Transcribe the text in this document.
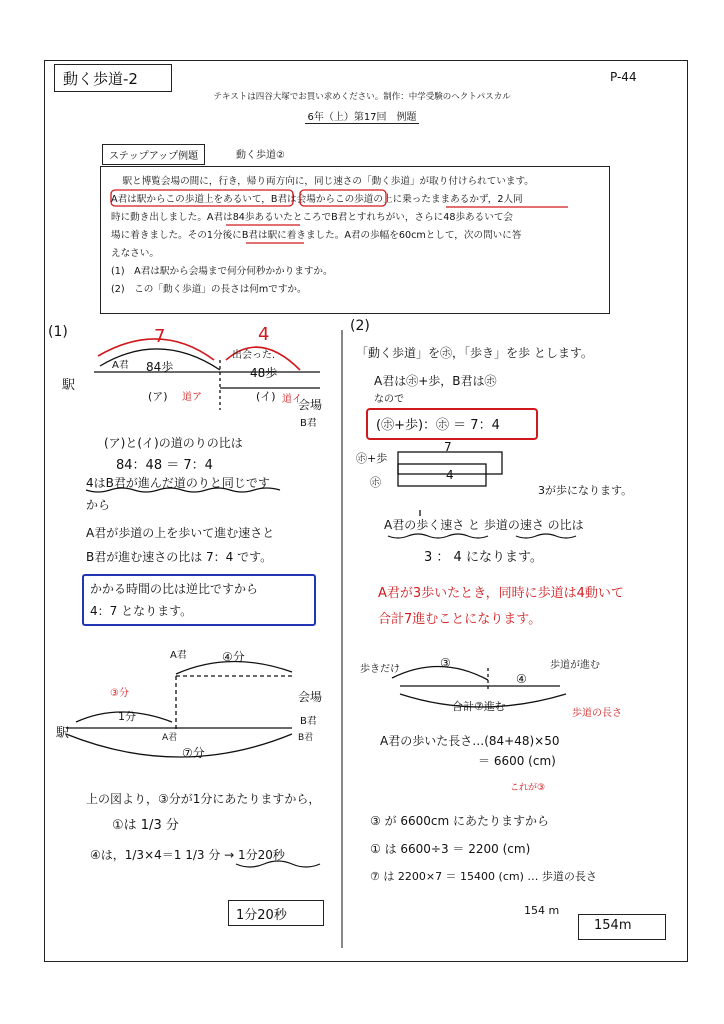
動く歩道-2	P-44
テキストは四谷大塚でお買い求めください。制作：中学受験のヘクトパスカル
6年（上）第17回　例題
ステップアップ例題	動く歩道②

駅と博覧会場の間に，行き，帰り両方向に，同じ速さの「動く歩道」が取り付けられています。

A君は駅からこの歩道上をあるいて，B君は会場からこの歩道の上に乗ったままあるかず，2人同

時に動き出しました。A君は84歩あるいたところでB君とすれちがい，さらに48歩あるいて会

場に着きました。その1分後にB君は駅に着きました。A君の歩幅を60cmとして，次の問いに答

えなさい。

(1)　A君は駅から会場まで何分何秒かかりますか。

(2)　この「動く歩道」の長さは何mですか。

(1)	7	4
A君 84歩
出会った.
48歩
駅
(ア) 道ア	(イ) 道イ
会場
B君
(ア)と(イ)の道のりの比は
84：48 ＝ 7：4
4はB君が進んだ道のりと同じです
から
A君が歩道の上を歩いて進む速さと
B君が進む速さの比は 7：4 です。
かかる時間の比は逆比ですから
4：7 となります。
A君	④分
③分
1分
駅
会場
B君
A君	B君
⑦分
上の図より，③分が1分にあたりますから，
①は 1/3 分
④は，1/3×4＝1 1/3 分 → 1分20秒
1分20秒
(2)
「動く歩道」を㋭，「歩き」を歩 とします。
A君は㋭+歩，B君は㋭
なので
(㋭+歩)：㋭ ＝ 7：4
㋭+歩
㋭
7
4
3が歩になります。
A君の歩く速さ と 歩道の速さ の比は
3 ： 4 になります。
A君が3歩いたとき，同時に歩道は4動いて
合計7進むことになります。
歩きだけ	③	歩道が進む
④
合計⑦進む
歩道の長さ
A君の歩いた長さ…(84+48)×50
＝ 6600 (cm)
これが③
③ が 6600cm にあたりますから
① は 6600÷3 ＝ 2200 (cm)
⑦ は 2200×7 ＝ 15400 (cm) … 歩道の長さ
154 m
154m
